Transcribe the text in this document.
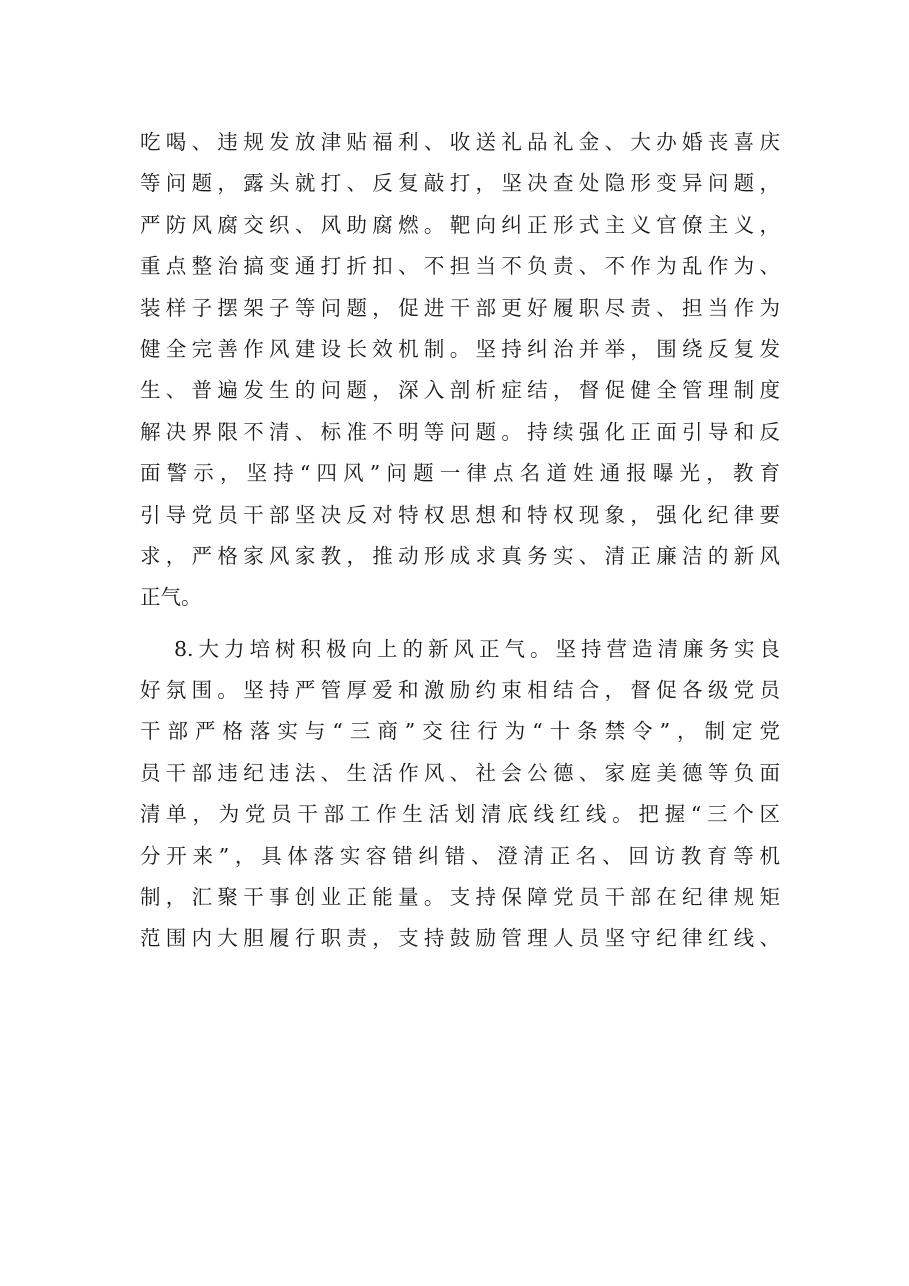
吃喝、违规发放津贴福利、收送礼品礼金、大办婚丧喜庆
等问题，露头就打、反复敲打，坚决查处隐形变异问题，
严防风腐交织、风助腐燃。靶向纠正形式主义官僚主义，
重点整治搞变通打折扣、不担当不负责、不作为乱作为、
装样子摆架子等问题，促进干部更好履职尽责、担当作为
健全完善作风建设长效机制。坚持纠治并举，围绕反复发
生、普遍发生的问题，深入剖析症结，督促健全管理制度
解决界限不清、标准不明等问题。持续强化正面引导和反
面警示，坚持“四风”问题一律点名道姓通报曝光，教育
引导党员干部坚决反对特权思想和特权现象，强化纪律要
求，严格家风家教，推动形成求真务实、清正廉洁的新风
正气。
8.大力培树积极向上的新风正气。坚持营造清廉务实良
好氛围。坚持严管厚爱和激励约束相结合，督促各级党员
干部严格落实与“三商”交往行为“十条禁令”，制定党
员干部违纪违法、生活作风、社会公德、家庭美德等负面
清单，为党员干部工作生活划清底线红线。把握“三个区
分开来”，具体落实容错纠错、澄清正名、回访教育等机
制，汇聚干事创业正能量。支持保障党员干部在纪律规矩
范围内大胆履行职责，支持鼓励管理人员坚守纪律红线、
